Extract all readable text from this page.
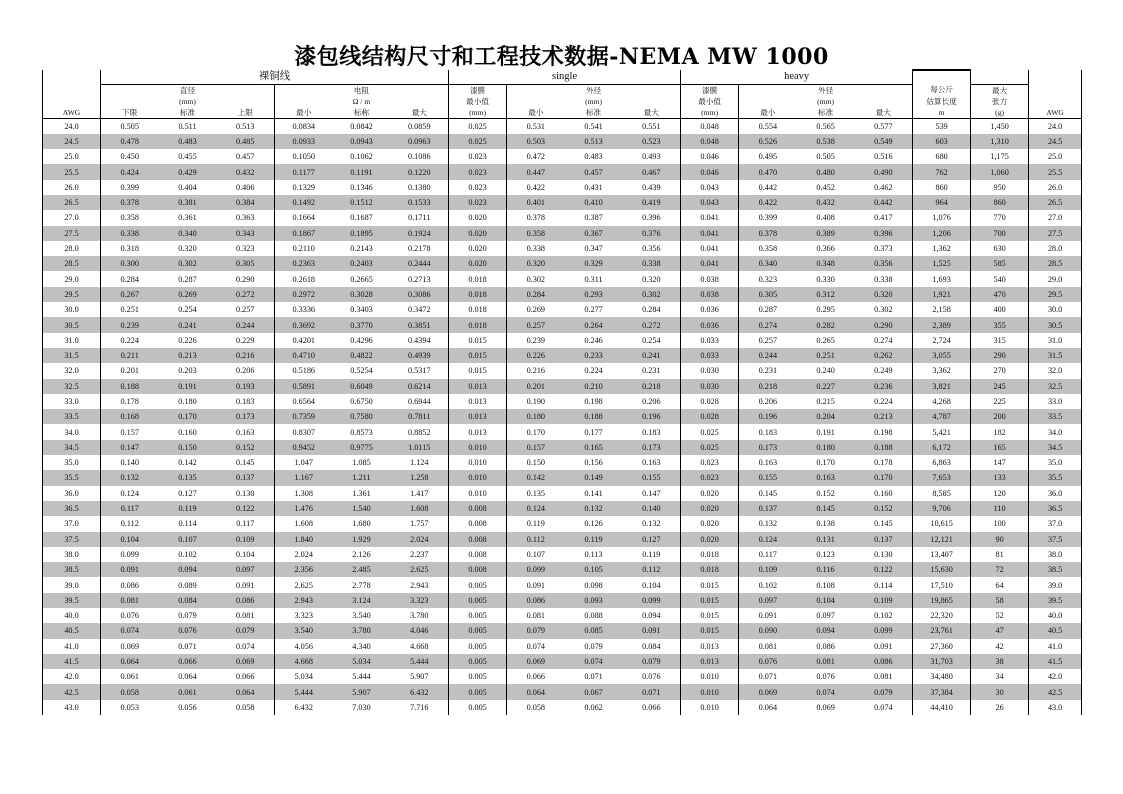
漆包线结构尺寸和工程技术数据-NEMA MW 1000
	裸铜线						single				heavy						
		直径			电阻		漆膜		外径		漆膜		外径		每公斤	最大	
		(mm)			Ω / m		最小值		(mm)		最小值		(mm)		估算长度	张力	
AWG	下限	标准	上限	最小	标称	最大	(mm)	最小	标准	最大	(mm)	最小	标准	最大	m	(g)	AWG
24.0	0.505	0.511	0.513	0.0834	0.0842	0.0859	0.025	0.531	0.541	0.551	0.048	0.554	0.565	0.577	539	1,450	24.0
24.5	0.478	0.483	0.485	0.0933	0.0943	0.0963	0.025	0.503	0.513	0.523	0.048	0.526	0.538	0.549	603	1,310	24.5
25.0	0.450	0.455	0.457	0.1050	0.1062	0.1086	0.023	0.472	0.483	0.493	0.046	0.495	0.505	0.516	680	1,175	25.0
25.5	0.424	0.429	0.432	0.1177	0.1191	0.1220	0.023	0.447	0.457	0.467	0.046	0.470	0.480	0.490	762	1,060	25.5
26.0	0.399	0.404	0.406	0.1329	0.1346	0.1380	0.023	0.422	0.431	0.439	0.043	0.442	0.452	0.462	860	950	26.0
26.5	0.378	0.381	0.384	0.1492	0.1512	0.1533	0.023	0.401	0.410	0.419	0.043	0.422	0.432	0.442	964	860	26.5
27.0	0.358	0.361	0.363	0.1664	0.1687	0.1711	0.020	0.378	0.387	0.396	0.041	0.399	0.408	0.417	1,076	770	27.0
27.5	0.338	0.340	0.343	0.1867	0.1895	0.1924	0.020	0.358	0.367	0.376	0.041	0.378	0.389	0.396	1,206	700	27.5
28.0	0.318	0.320	0.323	0.2110	0.2143	0.2178	0.020	0.338	0.347	0.356	0.041	0.358	0.366	0.373	1,362	630	28.0
28.5	0.300	0.302	0.305	0.2363	0.2403	0.2444	0.020	0.320	0.329	0.338	0.041	0.340	0.348	0.356	1,525	585	28.5
29.0	0.284	0.287	0.290	0.2618	0.2665	0.2713	0.018	0.302	0.311	0.320	0.038	0.323	0.330	0.338	1,693	540	29.0
29.5	0.267	0.269	0.272	0.2972	0.3028	0.3086	0.018	0.284	0.293	0.302	0.038	0.305	0.312	0.320	1,921	470	29.5
30.0	0.251	0.254	0.257	0.3336	0.3403	0.3472	0.018	0.269	0.277	0.284	0.036	0.287	0.295	0.302	2,158	400	30.0
30.5	0.239	0.241	0.244	0.3692	0.3770	0.3851	0.018	0.257	0.264	0.272	0.036	0.274	0.282	0.290	2,389	355	30.5
31.0	0.224	0.226	0.229	0.4201	0.4296	0.4394	0.015	0.239	0.246	0.254	0.033	0.257	0.265	0.274	2,724	315	31.0
31.5	0.211	0.213	0.216	0.4710	0.4822	0.4939	0.015	0.226	0.233	0.241	0.033	0.244	0.251	0.262	3,055	290	31.5
32.0	0.201	0.203	0.206	0.5186	0.5254	0.5317	0.015	0.216	0.224	0.231	0.030	0.231	0.240	0.249	3,362	270	32.0
32.5	0.188	0.191	0.193	0.5891	0.6049	0.6214	0.013	0.201	0.210	0.218	0.030	0.218	0.227	0.236	3,821	245	32.5
33.0	0.178	0.180	0.183	0.6564	0.6750	0.6944	0.013	0.190	0.198	0.206	0.028	0.206	0.215	0.224	4,268	225	33.0
33.5	0.168	0.170	0.173	0.7359	0.7580	0.7811	0.013	0.180	0.188	0.196	0.028	0.196	0.204	0.213	4,787	200	33.5
34.0	0.157	0.160	0.163	0.8307	0.8573	0.8852	0.013	0.170	0.177	0.183	0.025	0.183	0.191	0.198	5,421	182	34.0
34.5	0.147	0.150	0.152	0.9452	0.9775	1.0115	0.010	0.157	0.165	0.173	0.025	0.173	0.180	0.188	6,172	165	34.5
35.0	0.140	0.142	0.145	1.047	1.085	1.124	0.010	0.150	0.156	0.163	0.023	0.163	0.170	0.178	6,863	147	35.0
35.5	0.132	0.135	0.137	1.167	1.211	1.258	0.010	0.142	0.149	0.155	0.023	0.155	0.163	0.170	7,653	133	35.5
36.0	0.124	0.127	0.130	1.308	1.361	1.417	0.010	0.135	0.141	0.147	0.020	0.145	0.152	0.160	8,585	120	36.0
36.5	0.117	0.119	0.122	1.476	1.540	1.608	0.008	0.124	0.132	0.140	0.020	0.137	0.145	0.152	9,706	110	36.5
37.0	0.112	0.114	0.117	1.608	1.680	1.757	0.008	0.119	0.126	0.132	0.020	0.132	0.138	0.145	10,615	100	37.0
37.5	0.104	0.107	0.109	1.840	1.929	2.024	0.008	0.112	0.119	0.127	0.020	0.124	0.131	0.137	12,121	90	37.5
38.0	0.099	0.102	0.104	2.024	2.126	2.237	0.008	0.107	0.113	0.119	0.018	0.117	0.123	0.130	13,407	81	38.0
38.5	0.091	0.094	0.097	2.356	2.485	2.625	0.008	0.099	0.105	0.112	0.018	0.109	0.116	0.122	15,630	72	38.5
39.0	0.086	0.089	0.091	2.625	2.778	2.943	0.005	0.091	0.098	0.104	0.015	0.102	0.108	0.114	17,510	64	39.0
39.5	0.081	0.084	0.086	2.943	3.124	3.323	0.005	0.086	0.093	0.099	0.015	0.097	0.104	0.109	19,865	58	39.5
40.0	0.076	0.079	0.081	3.323	3.540	3.780	0.005	0.081	0.088	0.094	0.015	0.091	0.097	0.102	22,320	52	40.0
40.5	0.074	0.076	0.079	3.540	3.780	4.046	0.005	0.079	0.085	0.091	0.015	0.090	0.094	0.099	23,761	47	40.5
41.0	0.069	0.071	0.074	4.056	4.340	4.668	0.005	0.074	0.079	0.084	0.013	0.081	0.086	0.091	27,360	42	41.0
41.5	0.064	0.066	0.069	4.668	5.034	5.444	0.005	0.069	0.074	0.079	0.013	0.076	0.081	0.086	31,703	38	41.5
42.0	0.061	0.064	0.066	5.034	5.444	5.907	0.005	0.066	0.071	0.076	0.010	0.071	0.076	0.081	34,480	34	42.0
42.5	0.058	0.061	0.064	5.444	5.907	6.432	0.005	0.064	0.067	0.071	0.010	0.069	0.074	0.079	37,384	30	42.5
43.0	0.053	0.056	0.058	6.432	7.030	7.716	0.005	0.058	0.062	0.066	0.010	0.064	0.069	0.074	44,410	26	43.0
